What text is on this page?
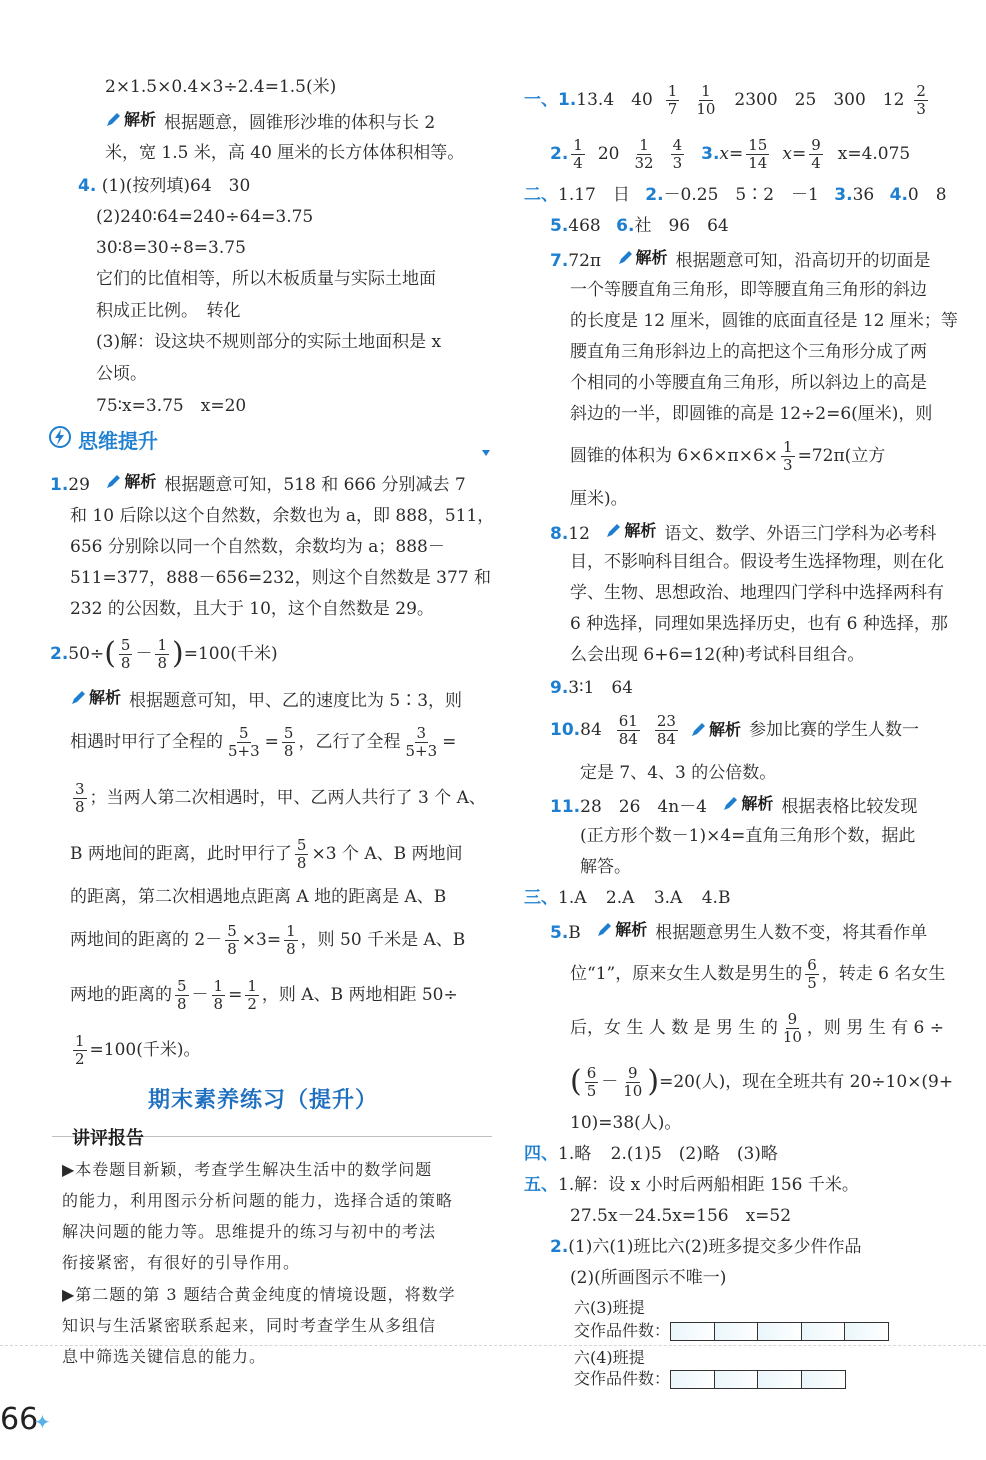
2×1.5×0.4×3÷2.4=1.5(米)
解析 根据题意，圆锥形沙堆的体积与长 2
米，宽 1.5 米，高 40 厘米的长方体体积相等。
4. (1)(按列填)64　30
(2)240∶64=240÷64=3.75
30∶8=30÷8=3.75
它们的比值相等，所以木板质量与实际土地面
积成正比例。　转化
(3)解：设这块不规则部分的实际土地面积是 x
公顷。
75∶x=3.75　x=20
思维提升
1.29 解析 根据题意可知，518 和 666 分别减去 7
和 10 后除以这个自然数，余数也为 a，即 888，511，
656 分别除以同一个自然数，余数均为 a；888－
511=377，888－656=232，则这个自然数是 377 和
232 的公因数，且大于 10，这个自然数是 29。
2. 50÷ ( $\frac{5}{8} - \frac{1}{8}$ ) =100(千米)
解析 根据题意可知，甲、乙的速度比为 5∶3，则
相遇时甲行了全程的 $\frac{5}{5+3} = \frac{5}{8}$ ，乙行了全程 $\frac{3}{5+3}$ =
$\frac{3}{8}$ ；当两人第二次相遇时，甲、乙两人共行了 3 个 A、
B 两地间的距离，此时甲行了 $\frac{5}{8} \times 3$ 个 A、B 两地间
的距离，第二次相遇地点距离 A 地的距离是 A、B
两地间的距离的 $2- \frac{5}{8} \times 3= \frac{1}{8}$ ，则 50 千米是 A、B
两地的距离的 $\frac{5}{8} - \frac{1}{8} = \frac{1}{2}$ ，则 A、B 两地相距 50÷
$\frac{1}{2} =100$(千米)。
期末素养练习（提升）
讲评报告
▶本卷题目新颖，考查学生解决生活中的数学问题
的能力，利用图示分析问题的能力，选择合适的策略
解决问题的能力等。思维提升的练习与初中的考法
衔接紧密，有很好的引导作用。
▶第二题的第 3 题结合黄金纯度的情境设题，将数学
知识与生活紧密联系起来，同时考查学生从多组信
息中筛选关键信息的能力。
一、 1. 13.4　$40 \frac{1}{7} \frac{1}{10} 2300$　25　300　$12 \frac{2}{3}$
2. $\frac{1}{4} 20 \frac{1}{32} \frac{4}{3} 3$. $x= \frac{15}{14} x= \frac{9}{4} x=4.075$
二、1.17　日 2.－0.25　5∶2　－1 3.36 4.0　8
5.468 6.社　96　64
7.72π 解析 根据题意可知，沿高切开的切面是
一个等腰直角三角形，即等腰直角三角形的斜边
的长度是 12 厘米，圆锥的底面直径是 12 厘米；等
腰直角三角形斜边上的高把这个三角形分成了两
个相同的小等腰直角三角形，所以斜边上的高是
斜边的一半，即圆锥的高是 12÷2=6(厘米)，则
圆锥的体积为 $6\times 6\times\pi\times 6\times \frac{1}{3} =72\pi$(立方
厘米)。
8.12 解析 语文、数学、外语三门学科为必考科
目，不影响科目组合。假设考生选择物理，则在化
学、生物、思想政治、地理四门学科中选择两科有
6 种选择，同理如果选择历史，也有 6 种选择，那
么会出现 6+6=12(种)考试科目组合。
9.3∶1　64
10. $84 \frac{61}{84} \frac{23}{84}$ 解析 参加比赛的学生人数一
定是 7、4、3 的公倍数。
11.28　26　4n－4 解析 根据表格比较发现
(正方形个数－1)×4=直角三角形个数，据此
解答。
三、1.A 2.A 3.A 4.B
5.B 解析 根据题意男生人数不变，将其看作单
位“1”，原来女生人数是男生的 $\frac{6}{5}$ ，转走 6 名女生
后，女 生 人 数 是 男 生 的 $\frac{9}{10}$ ，则 男 生 有 6 ÷
( $\frac{6}{5} - \frac{9}{10}$ ) =20(人)，现在全班共有 20÷10×(9+
10)=38(人)。
四、1.略 2.(1)5　(2)略　(3)略
五、1.解：设 x 小时后两船相距 156 千米。
27.5x－24.5x=156　x=52
2.(1)六(1)班比六(2)班多提交多少件作品
(2)(所画图示不唯一)
六(3)班提
交作品件数：
六(4)班提
交作品件数：
66
✦
